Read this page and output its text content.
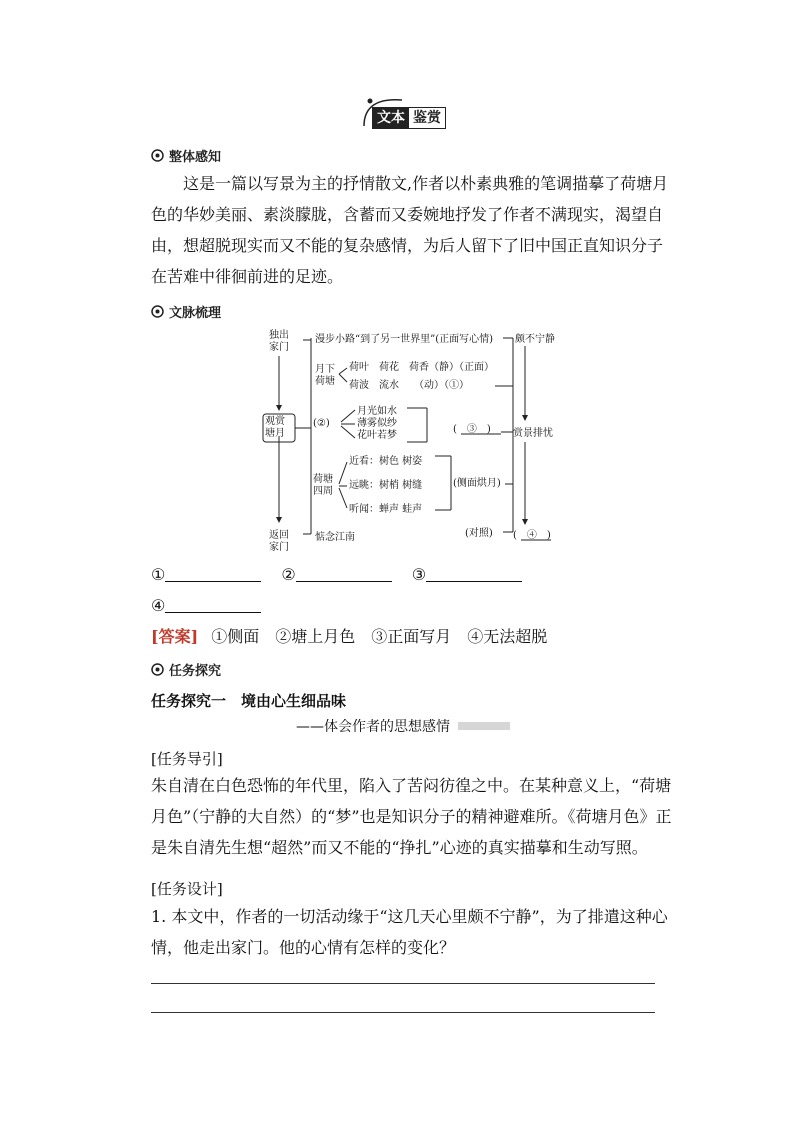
文本 鉴赏
整体感知
这是一篇以写景为主的抒情散文,作者以朴素典雅的笔调描摹了荷塘月色的华妙美丽、素淡朦胧，含蓄而又委婉地抒发了作者不满现实，渴望自由，想超脱现实而又不能的复杂感情，为后人留下了旧中国正直知识分子在苦难中徘徊前进的足迹。
文脉梳理
独出
家门
漫步小路“到了另一世界里”(正面写心情) 颇不宁静
月下
荷塘
荷叶　荷花　荷香（静）（正面）
荷波　流水　　（动）（①）
观赏
塘月
(②)
月光如水
薄雾似纱
花叶若梦
(　③　) 赏景排忧
荷塘
四周
近看：树色 树姿
远眺：树梢 树缝
听闻：蝉声 蛙声
(侧面烘月)
(对照) (　④　)
返回
家门
惦念江南
①	②	③
④
[答案] ①侧面　②塘上月色　③正面写月　④无法超脱
任务探究
任务探究一　境由心生细品味
——体会作者的思想感情
[任务导引]
朱自清在白色恐怖的年代里，陷入了苦闷彷徨之中。在某种意义上，“荷塘月色”（宁静的大自然）的“梦”也是知识分子的精神避难所。《荷塘月色》正是朱自清先生想“超然”而又不能的“挣扎”心迹的真实描摹和生动写照。
[任务设计]
1. 本文中，作者的一切活动缘于“这几天心里颇不宁静”，为了排遣这种心情，他走出家门。他的心情有怎样的变化？
